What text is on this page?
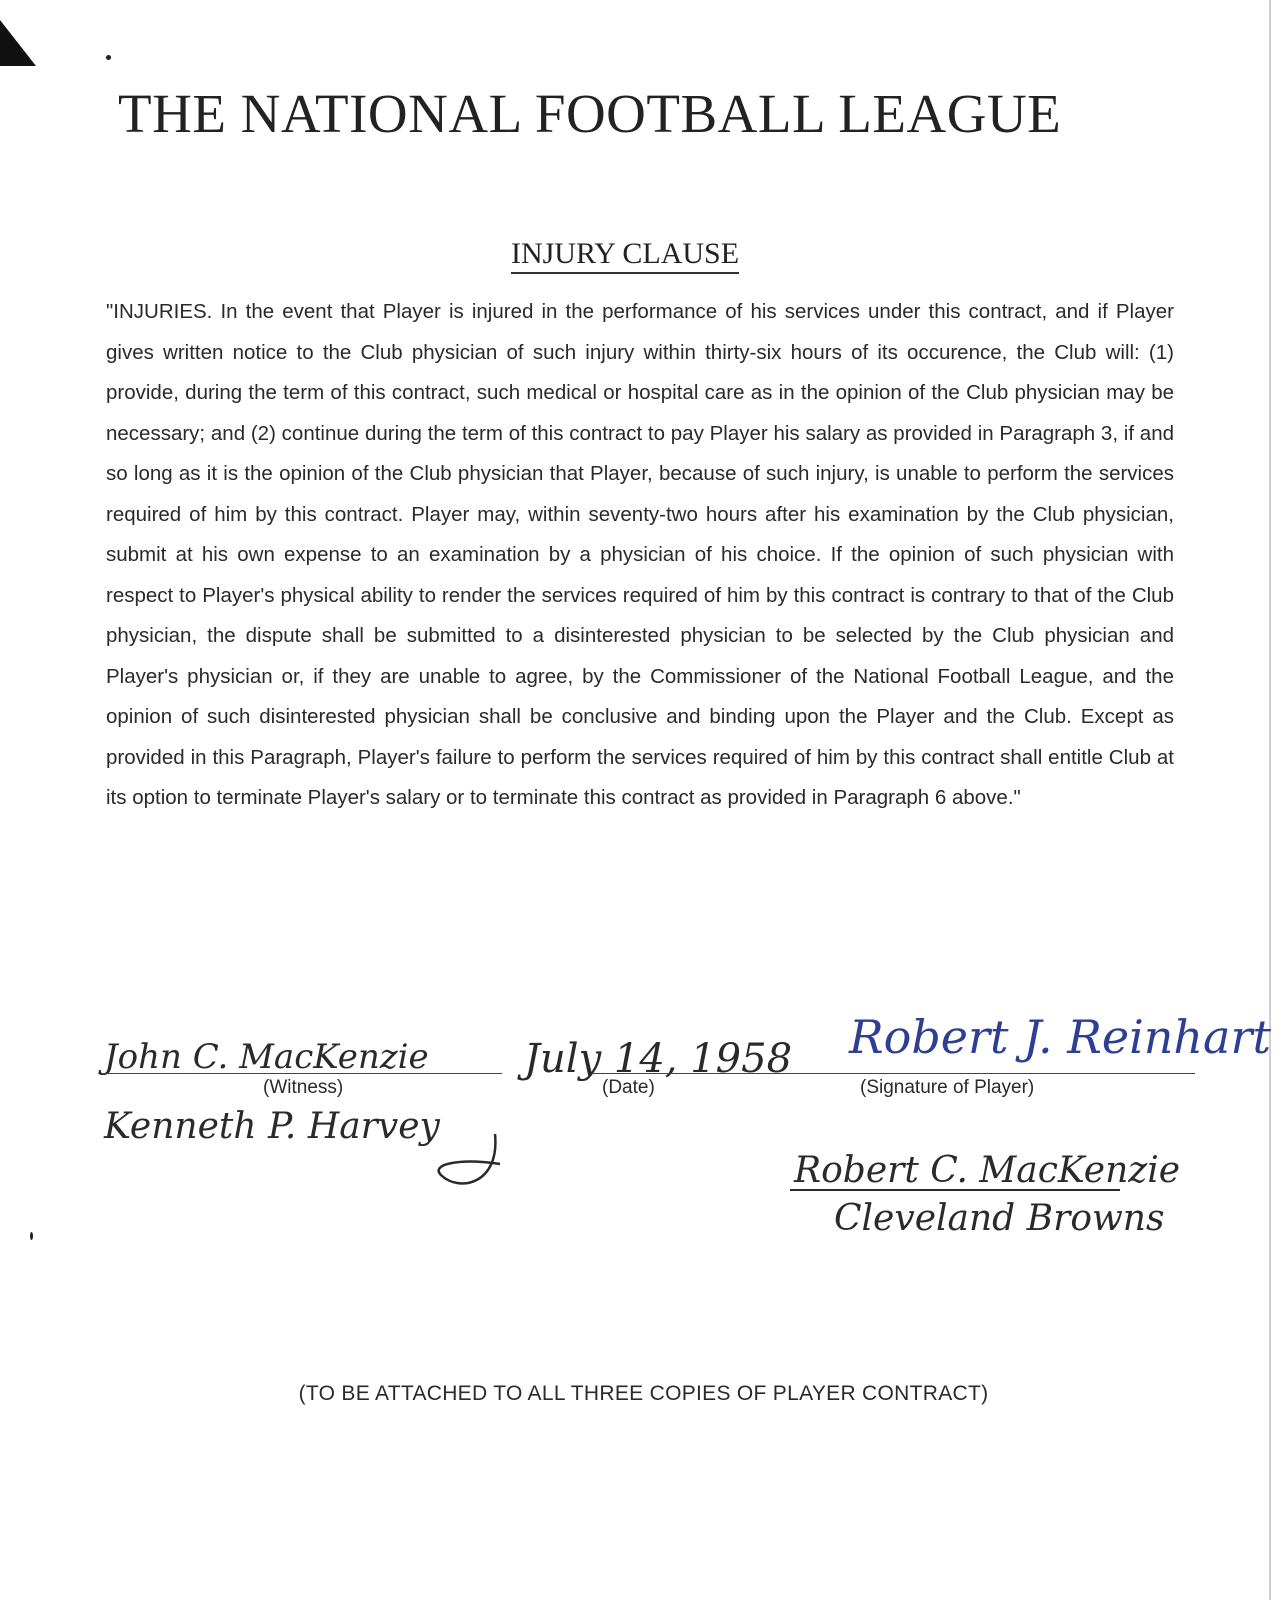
THE NATIONAL FOOTBALL LEAGUE
INJURY CLAUSE
"INJURIES. In the event that Player is injured in the performance of his services under this contract, and if Player gives written notice to the Club physician of such injury within thirty-six hours of its occurence, the Club will: (1) provide, during the term of this contract, such medical or hospital care as in the opinion of the Club physician may be necessary; and (2) continue during the term of this contract to pay Player his salary as provided in Paragraph 3, if and so long as it is the opinion of the Club physician that Player, because of such injury, is unable to perform the services required of him by this contract. Player may, within seventy-two hours after his examination by the Club physician, submit at his own expense to an examination by a physician of his choice. If the opinion of such physician with respect to Player's physical ability to render the services required of him by this contract is contrary to that of the Club physician, the dispute shall be submitted to a disinterested physician to be selected by the Club physician and Player's physician or, if they are unable to agree, by the Commissioner of the National Football League, and the opinion of such disinterested physician shall be conclusive and binding upon the Player and the Club. Except as provided in this Paragraph, Player's failure to perform the services required of him by this contract shall entitle Club at its option to terminate Player's salary or to terminate this contract as provided in Paragraph 6 above."
John C. MacKenzie
(Witness)
Kenneth P. Harvey
July 14, 1958
(Date)
Robert J. Reinhart
(Signature of Player)
Robert C. MacKenzie
Cleveland Browns
(TO BE ATTACHED TO ALL THREE COPIES OF PLAYER CONTRACT)
